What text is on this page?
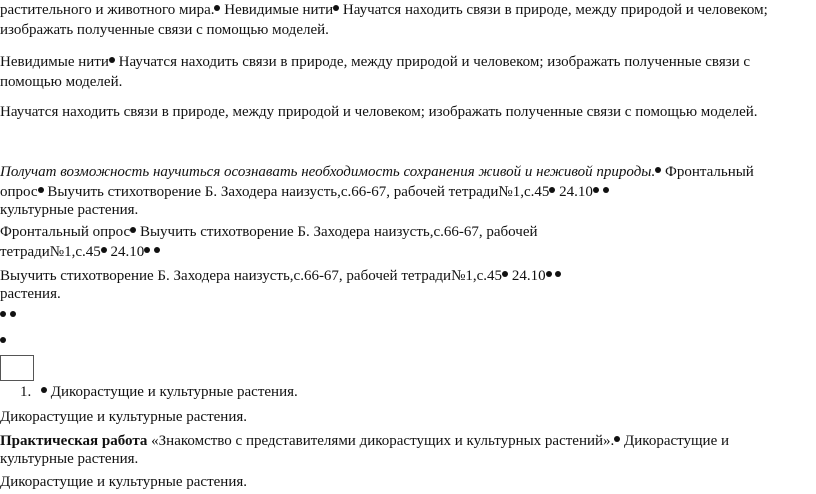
растительного и животного мира. Невидимые нити Научатся находить связи в природе, между природой и человеком;
изображать полученные связи с помощью моделей.
Невидимые нити Научатся находить связи в природе, между природой и человеком; изображать полученные связи с
помощью моделей.
Научатся находить связи в природе, между природой и человеком; изображать полученные связи с помощью моделей.
Получат возможность научиться осознавать необходимость сохранения живой и неживой природы. Фронтальный
опрос Выучить стихотворение Б. Заходера наизусть,с.66-67, рабочей тетради№1,с.45 24.10
культурные растения.
Фронтальный опрос Выучить стихотворение Б. Заходера наизусть,с.66-67, рабочей
тетради№1,с.45 24.10
Выучить стихотворение Б. Заходера наизусть,с.66-67, рабочей тетради№1,с.45 24.10
растения.

1. Дикорастущие и культурные растения.
Дикорастущие и культурные растения.
Практическая работа «Знакомство с представителями дикорастущих и культурных растений». Дикорастущие и
культурные растения.
Дикорастущие и культурные растения.
